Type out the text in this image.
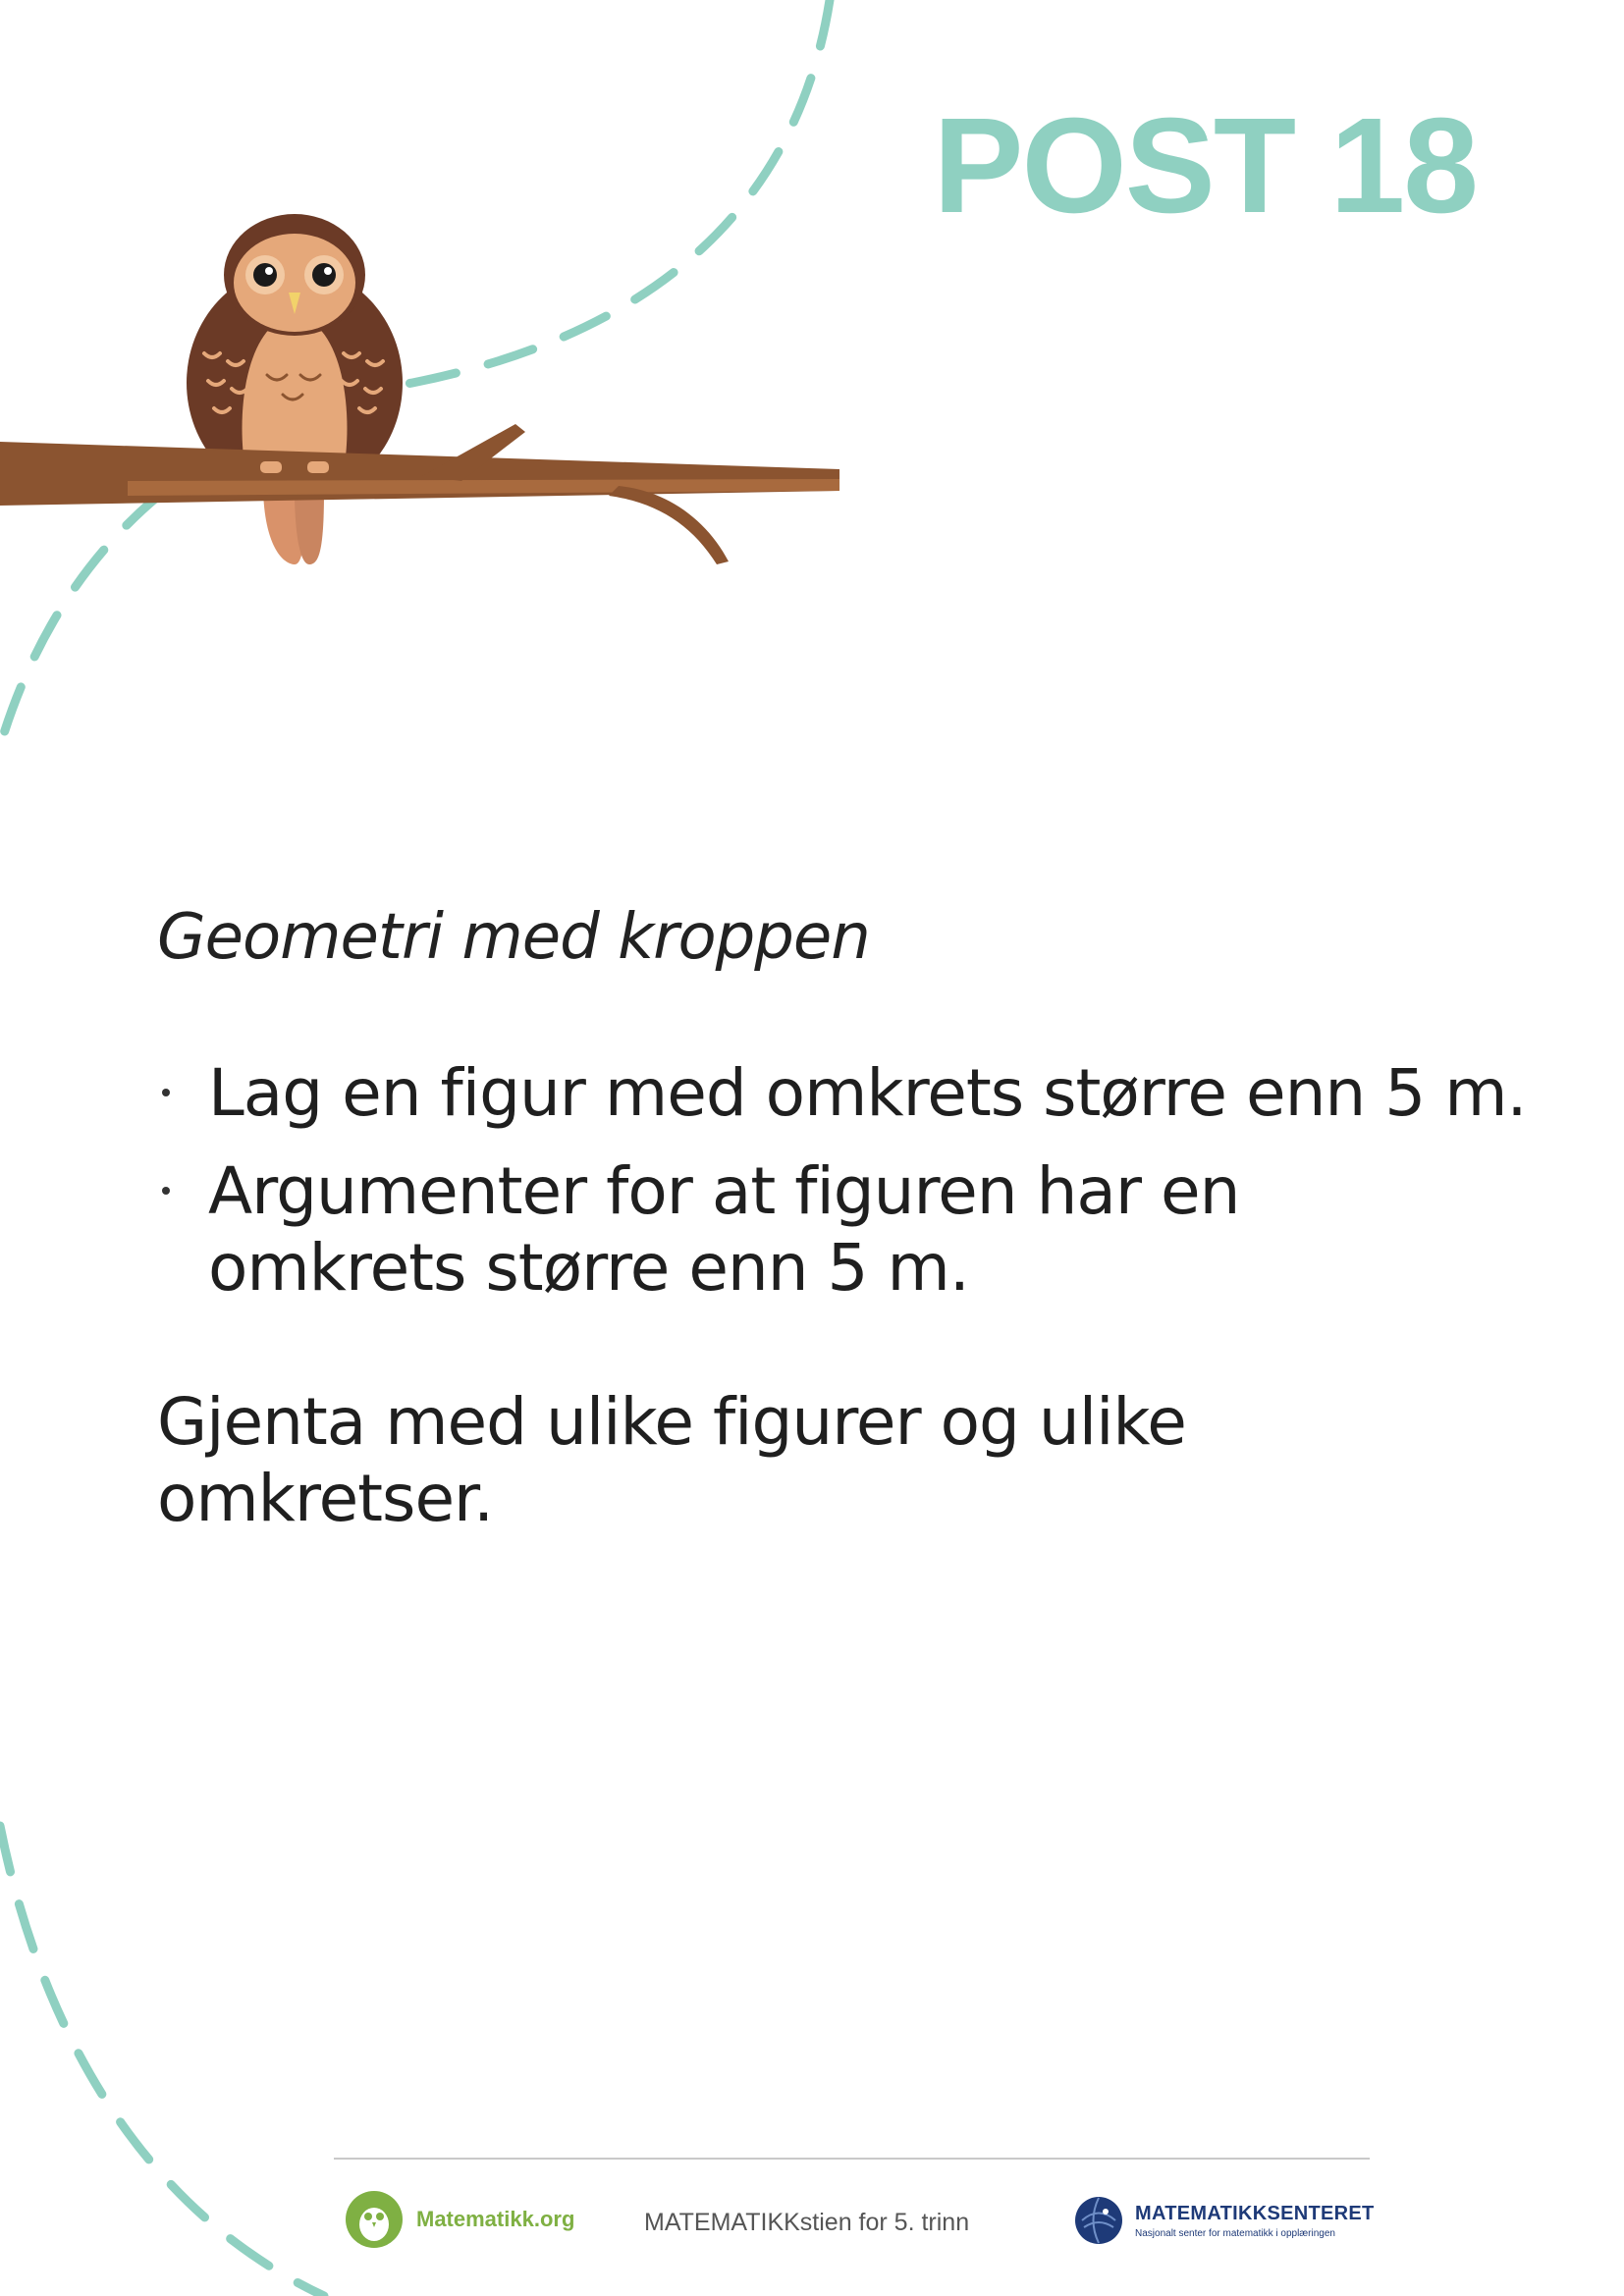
POST 18
Geometri med kroppen
Lag en figur med omkrets større enn 5 m.
Argumenter for at figuren har en omkrets større enn 5 m.
Gjenta med ulike figurer og ulike omkretser.
Matematikk.org	MATEMATIKKstien for 5. trinn	MATEMATIKKSENTERET
Nasjonalt senter for matematikk i opplæringen
